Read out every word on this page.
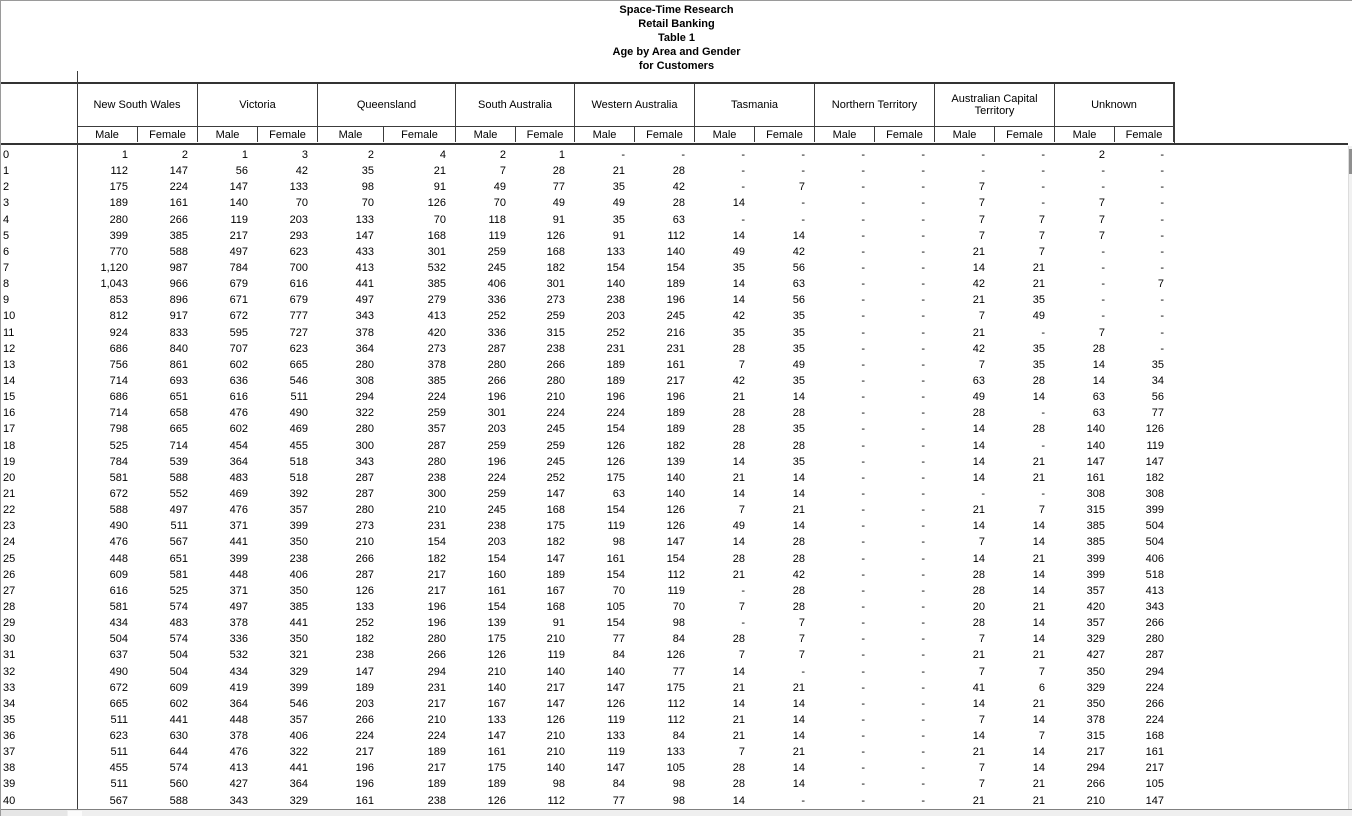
Space-Time Research
Retail Banking
Table 1
Age by Area and Gender
for Customers
New South Wales	Victoria	Queensland	South Australia	Western Australia	Tasmania	Northern Territory	Australian Capital Territory	Unknown
Male	Female	Male	Female	Male	Female	Male	Female	Male	Female	Male	Female	Male	Female	Male	Female	Male	Female
0	1	2	1	3	2	4	2	1	-	-	-	-	-	-	-	-	2	-
1	112	147	56	42	35	21	7	28	21	28	-	-	-	-	-	-	-	-
2	175	224	147	133	98	91	49	77	35	42	-	7	-	-	7	-	-	-
3	189	161	140	70	70	126	70	49	49	28	14	-	-	-	7	-	7	-
4	280	266	119	203	133	70	118	91	35	63	-	-	-	-	7	7	7	-
5	399	385	217	293	147	168	119	126	91	112	14	14	-	-	7	7	7	-
6	770	588	497	623	433	301	259	168	133	140	49	42	-	-	21	7	-	-
7	1,120	987	784	700	413	532	245	182	154	154	35	56	-	-	14	21	-	-
8	1,043	966	679	616	441	385	406	301	140	189	14	63	-	-	42	21	-	7
9	853	896	671	679	497	279	336	273	238	196	14	56	-	-	21	35	-	-
10	812	917	672	777	343	413	252	259	203	245	42	35	-	-	7	49	-	-
11	924	833	595	727	378	420	336	315	252	216	35	35	-	-	21	-	7	-
12	686	840	707	623	364	273	287	238	231	231	28	35	-	-	42	35	28	-
13	756	861	602	665	280	378	280	266	189	161	7	49	-	-	7	35	14	35
14	714	693	636	546	308	385	266	280	189	217	42	35	-	-	63	28	14	34
15	686	651	616	511	294	224	196	210	196	196	21	14	-	-	49	14	63	56
16	714	658	476	490	322	259	301	224	224	189	28	28	-	-	28	-	63	77
17	798	665	602	469	280	357	203	245	154	189	28	35	-	-	14	28	140	126
18	525	714	454	455	300	287	259	259	126	182	28	28	-	-	14	-	140	119
19	784	539	364	518	343	280	196	245	126	139	14	35	-	-	14	21	147	147
20	581	588	483	518	287	238	224	252	175	140	21	14	-	-	14	21	161	182
21	672	552	469	392	287	300	259	147	63	140	14	14	-	-	-	-	308	308
22	588	497	476	357	280	210	245	168	154	126	7	21	-	-	21	7	315	399
23	490	511	371	399	273	231	238	175	119	126	49	14	-	-	14	14	385	504
24	476	567	441	350	210	154	203	182	98	147	14	28	-	-	7	14	385	504
25	448	651	399	238	266	182	154	147	161	154	28	28	-	-	14	21	399	406
26	609	581	448	406	287	217	160	189	154	112	21	42	-	-	28	14	399	518
27	616	525	371	350	126	217	161	167	70	119	-	28	-	-	28	14	357	413
28	581	574	497	385	133	196	154	168	105	70	7	28	-	-	20	21	420	343
29	434	483	378	441	252	196	139	91	154	98	-	7	-	-	28	14	357	266
30	504	574	336	350	182	280	175	210	77	84	28	7	-	-	7	14	329	280
31	637	504	532	321	238	266	126	119	84	126	7	7	-	-	21	21	427	287
32	490	504	434	329	147	294	210	140	140	77	14	-	-	-	7	7	350	294
33	672	609	419	399	189	231	140	217	147	175	21	21	-	-	41	6	329	224
34	665	602	364	546	203	217	167	147	126	112	14	14	-	-	14	21	350	266
35	511	441	448	357	266	210	133	126	119	112	21	14	-	-	7	14	378	224
36	623	630	378	406	224	224	147	210	133	84	21	14	-	-	14	7	315	168
37	511	644	476	322	217	189	161	210	119	133	7	21	-	-	21	14	217	161
38	455	574	413	441	196	217	175	140	147	105	28	14	-	-	7	14	294	217
39	511	560	427	364	196	189	189	98	84	98	28	14	-	-	7	21	266	105
40	567	588	343	329	161	238	126	112	77	98	14	-	-	-	21	21	210	147
